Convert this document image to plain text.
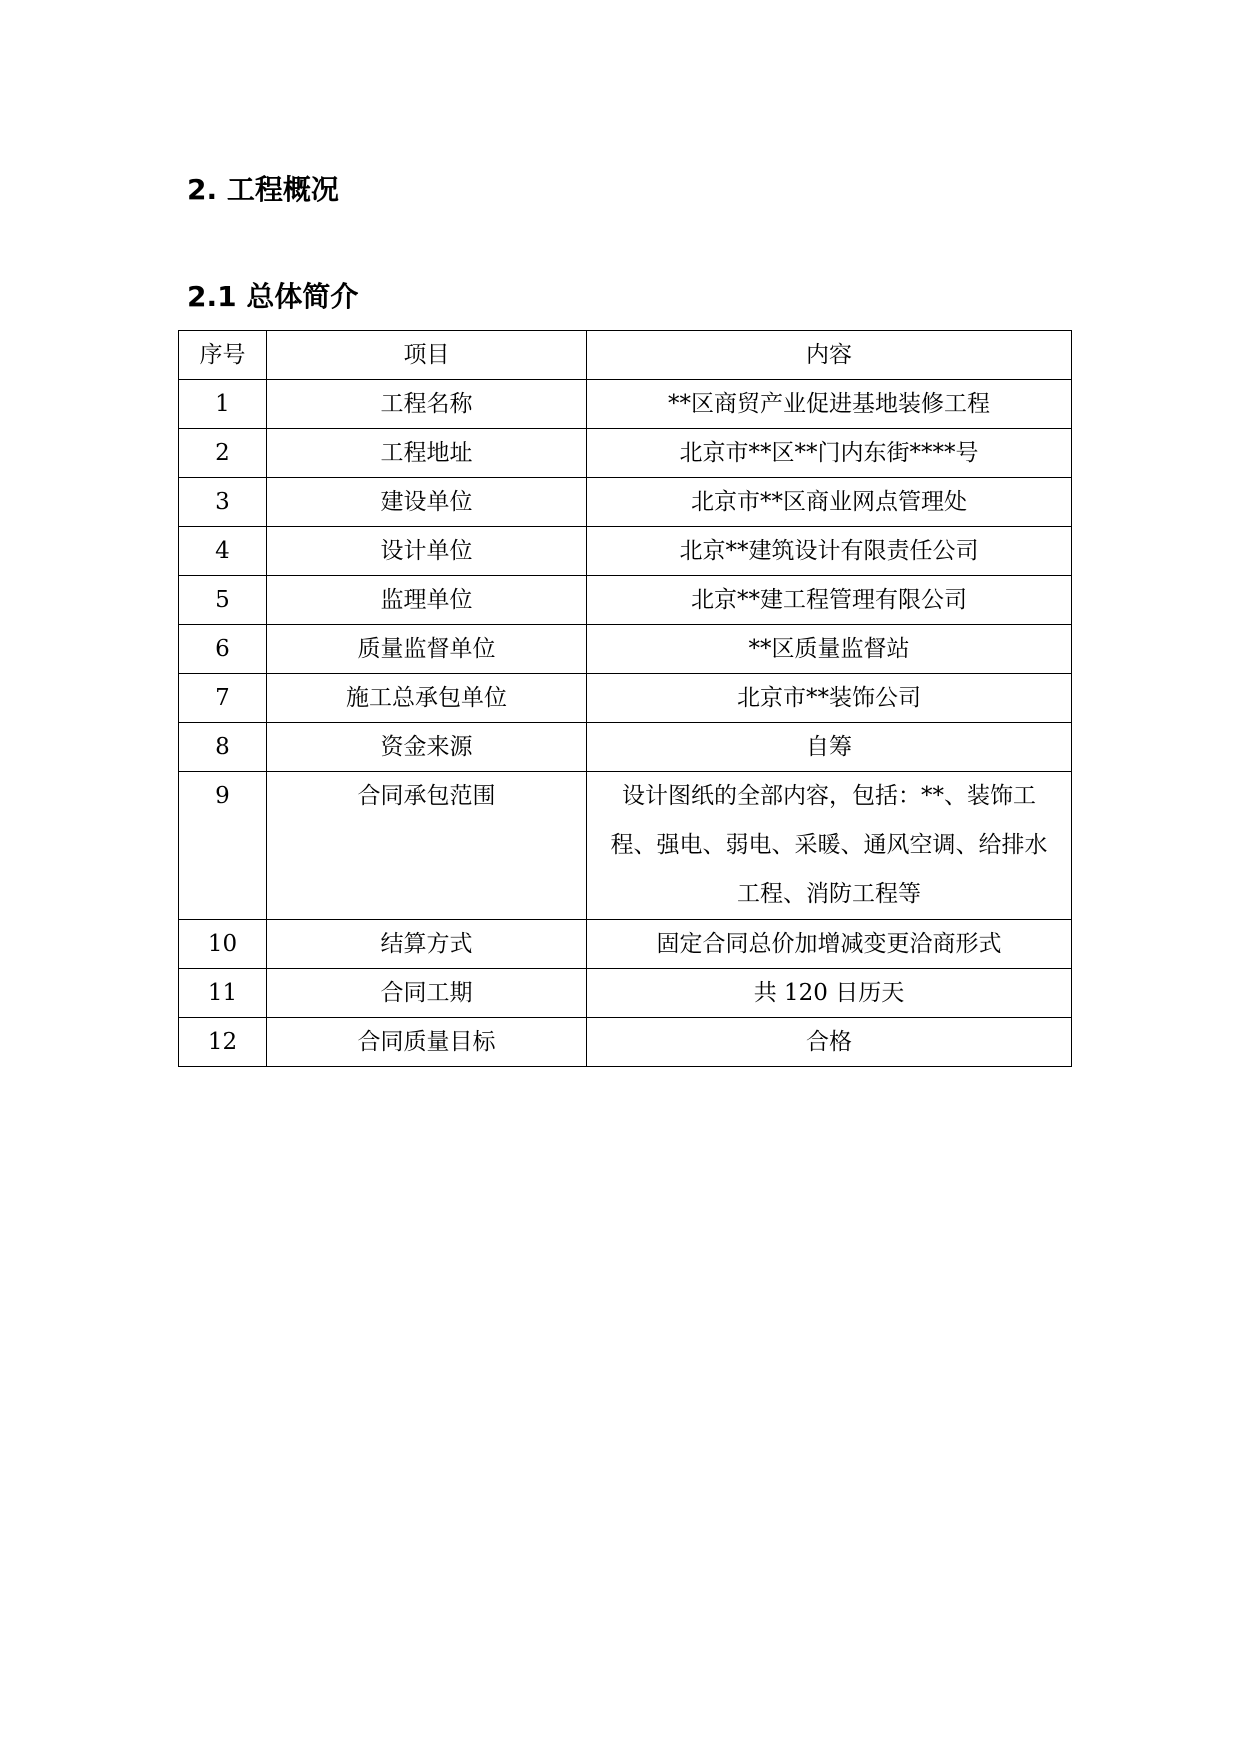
2. 工程概况
2.1 总体简介
序号	项目	内容
1	工程名称	**区商贸产业促进基地装修工程
2	工程地址	北京市**区**门内东街****号
3	建设单位	北京市**区商业网点管理处
4	设计单位	北京**建筑设计有限责任公司
5	监理单位	北京**建工程管理有限公司
6	质量监督单位	**区质量监督站
7	施工总承包单位	北京市**装饰公司
8	资金来源	自筹
9	合同承包范围	设计图纸的全部内容，包括：**、装饰工程、强电、弱电、采暖、通风空调、给排水工程、消防工程等
10	结算方式	固定合同总价加增减变更洽商形式
11	合同工期	共 120 日历天
12	合同质量目标	合格
